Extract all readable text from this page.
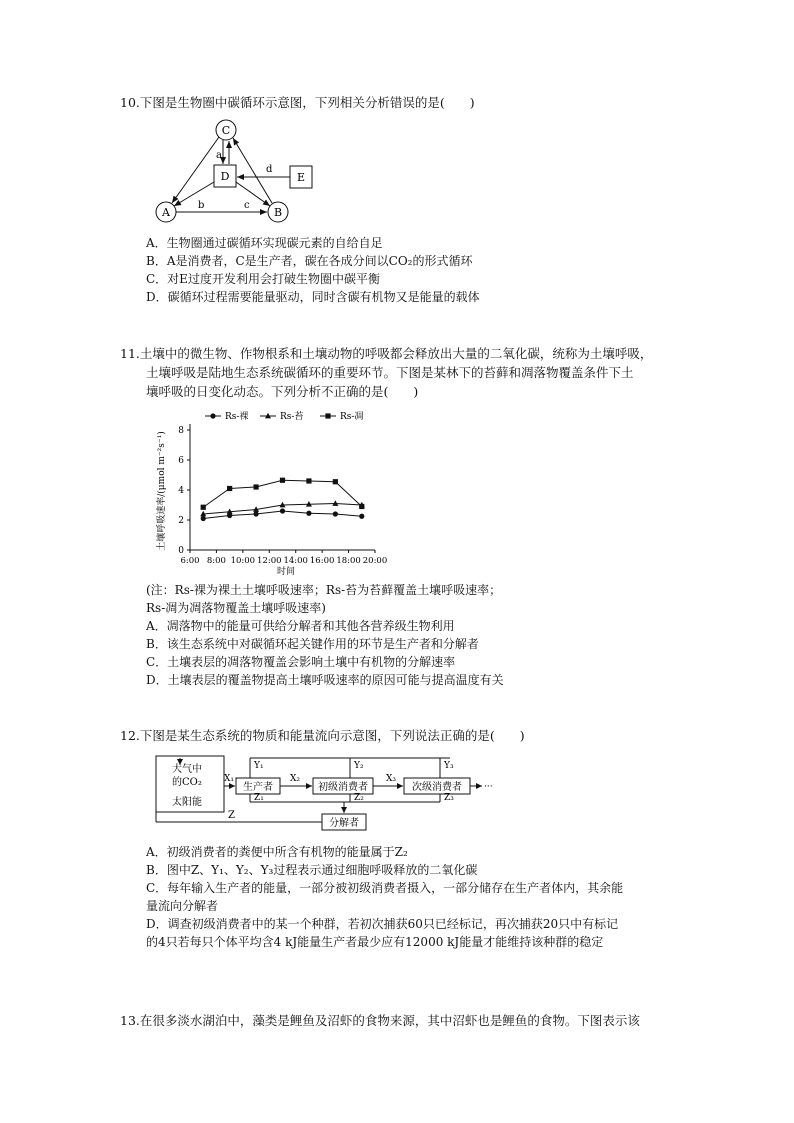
10.下图是生物圈中碳循环示意图，下列相关分析错误的是(　　)
C
D	E
A	B
a
d
b	c
A．生物圈通过碳循环实现碳元素的自给自足
B．A是消费者，C是生产者，碳在各成分间以CO₂的形式循环
C．对E过度开发利用会打破生物圈中碳平衡
D．碳循环过程需要能量驱动，同时含碳有机物又是能量的载体
11.土壤中的微生物、作物根系和土壤动物的呼吸都会释放出大量的二氧化碳，统称为土壤呼吸，
土壤呼吸是陆地生态系统碳循环的重要环节。下图是某林下的苔藓和凋落物覆盖条件下土
壤呼吸的日变化动态。下列分析不正确的是(　　)
Rs-裸	Rs-苔	Rs-凋
土壤呼吸速率/(μmol m⁻²s⁻¹)
0
2
4
6
8
6:00 8:00 10:00 12:00 14:00 16:00 18:00 20:00
时间
(注：Rs-裸为裸土土壤呼吸速率；Rs-苔为苔藓覆盖土壤呼吸速率；
Rs-凋为凋落物覆盖土壤呼吸速率)
A．凋落物中的能量可供给分解者和其他各营养级生物利用
B．该生态系统中对碳循环起关键作用的环节是生产者和分解者
C．土壤表层的凋落物覆盖会影响土壤中有机物的分解速率
D．土壤表层的覆盖物提高土壤呼吸速率的原因可能与提高温度有关
12.下图是某生态系统的物质和能量流向示意图，下列说法正确的是(　　)
大气中
的CO₂
太阳能
生产者	初级消费者	次级消费者
分解者
X₁	X₂	X₃
···
Y₁	Y₂	Y₃
Z₁	Z₂	Z₃
Z
A．初级消费者的粪便中所含有机物的能量属于Z₂
B．图中Z、Y₁、Y₂、Y₃过程表示通过细胞呼吸释放的二氧化碳
C．每年输入生产者的能量，一部分被初级消费者摄入，一部分储存在生产者体内，其余能
量流向分解者
D．调查初级消费者中的某一个种群，若初次捕获60只已经标记，再次捕获20只中有标记
的4只若每只个体平均含4 kJ能量生产者最少应有12000 kJ能量才能维持该种群的稳定
13.在很多淡水湖泊中，藻类是鲤鱼及沼虾的食物来源，其中沼虾也是鲤鱼的食物。下图表示该
